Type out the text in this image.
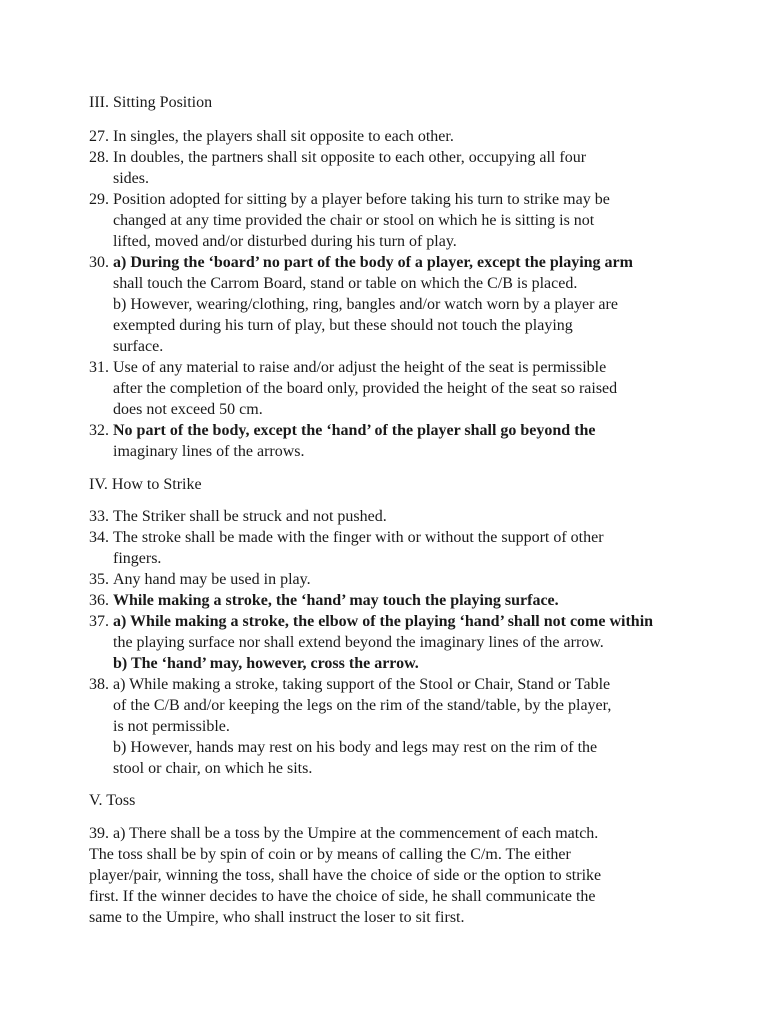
III. Sitting Position
27. In singles, the players shall sit opposite to each other.
28. In doubles, the partners shall sit opposite to each other, occupying all four
sides.
29. Position adopted for sitting by a player before taking his turn to strike may be
changed at any time provided the chair or stool on which he is sitting is not
lifted, moved and/or disturbed during his turn of play.
30. a) During the ‘board’ no part of the body of a player, except the playing arm
shall touch the Carrom Board, stand or table on which the C/B is placed.
b) However, wearing/clothing, ring, bangles and/or watch worn by a player are
exempted during his turn of play, but these should not touch the playing
surface.
31. Use of any material to raise and/or adjust the height of the seat is permissible
after the completion of the board only, provided the height of the seat so raised
does not exceed 50 cm.
32. No part of the body, except the ‘hand’ of the player shall go beyond the
imaginary lines of the arrows.
IV. How to Strike
33. The Striker shall be struck and not pushed.
34. The stroke shall be made with the finger with or without the support of other
fingers.
35. Any hand may be used in play.
36. While making a stroke, the ‘hand’ may touch the playing surface.
37. a) While making a stroke, the elbow of the playing ‘hand’ shall not come within
the playing surface nor shall extend beyond the imaginary lines of the arrow.
b) The ‘hand’ may, however, cross the arrow.
38. a) While making a stroke, taking support of the Stool or Chair, Stand or Table
of the C/B and/or keeping the legs on the rim of the stand/table, by the player,
is not permissible.
b) However, hands may rest on his body and legs may rest on the rim of the
stool or chair, on which he sits.
V. Toss
39. a) There shall be a toss by the Umpire at the commencement of each match.
The toss shall be by spin of coin or by means of calling the C/m. The either
player/pair, winning the toss, shall have the choice of side or the option to strike
first. If the winner decides to have the choice of side, he shall communicate the
same to the Umpire, who shall instruct the loser to sit first.
